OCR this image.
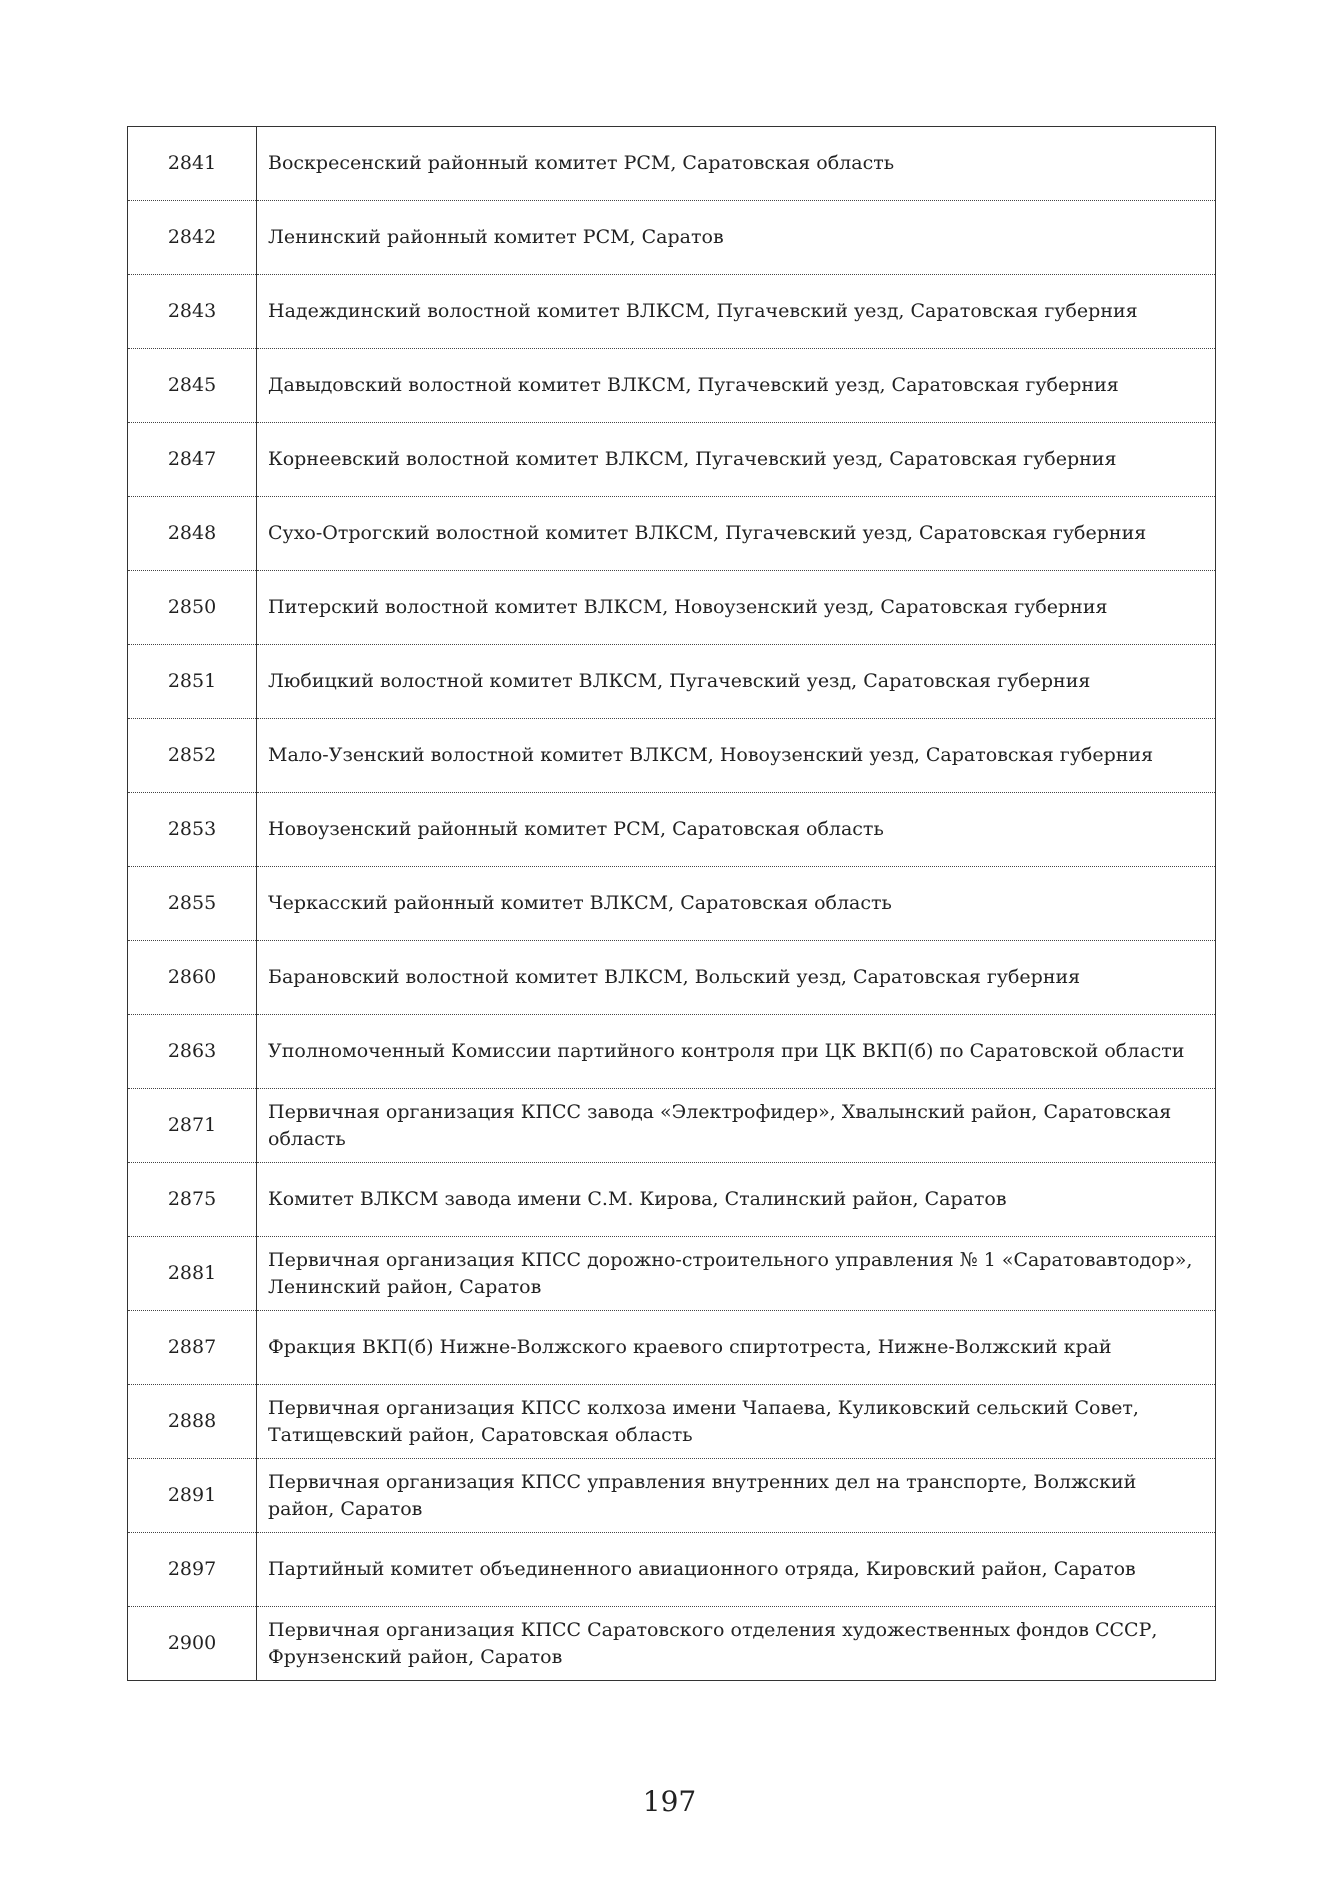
2841	Воскресенский районный комитет РСМ, Саратовская область
2842	Ленинский районный комитет РСМ, Саратов
2843	Надеждинский волостной комитет ВЛКСМ, Пугачевский уезд, Саратовская губерния
2845	Давыдовский волостной комитет ВЛКСМ, Пугачевский уезд, Саратовская губерния
2847	Корнеевский волостной комитет ВЛКСМ, Пугачевский уезд, Саратовская губерния
2848	Сухо-Отрогский волостной комитет ВЛКСМ, Пугачевский уезд, Саратовская губерния
2850	Питерский волостной комитет ВЛКСМ, Новоузенский уезд, Саратовская губерния
2851	Любицкий волостной комитет ВЛКСМ, Пугачевский уезд, Саратовская губерния
2852	Мало-Узенский волостной комитет ВЛКСМ, Новоузенский уезд, Саратовская губерния
2853	Новоузенский районный комитет РСМ, Саратовская область
2855	Черкасский районный комитет ВЛКСМ, Саратовская область
2860	Барановский волостной комитет ВЛКСМ, Вольский уезд, Саратовская губерния
2863	Уполномоченный Комиссии партийного контроля при ЦК ВКП(б) по Саратовской области
2871	Первичная организация КПСС завода «Электрофидер», Хвалынский район, Саратовская область
2875	Комитет ВЛКСМ завода имени С.М. Кирова, Сталинский район, Саратов
2881	Первичная организация КПСС дорожно-строительного управления № 1 «Саратовавтодор», Ленинский район, Саратов
2887	Фракция ВКП(б) Нижне-Волжского краевого спиртотреста, Нижне-Волжский край
2888	Первичная организация КПСС колхоза имени Чапаева, Куликовский сельский Совет, Татищевский район, Саратовская область
2891	Первичная организация КПСС управления внутренних дел на транспорте, Волжский район, Саратов
2897	Партийный комитет объединенного авиационного отряда, Кировский район, Саратов
2900	Первичная организация КПСС Саратовского отделения художественных фондов СССР, Фрунзенский район, Саратов
197
